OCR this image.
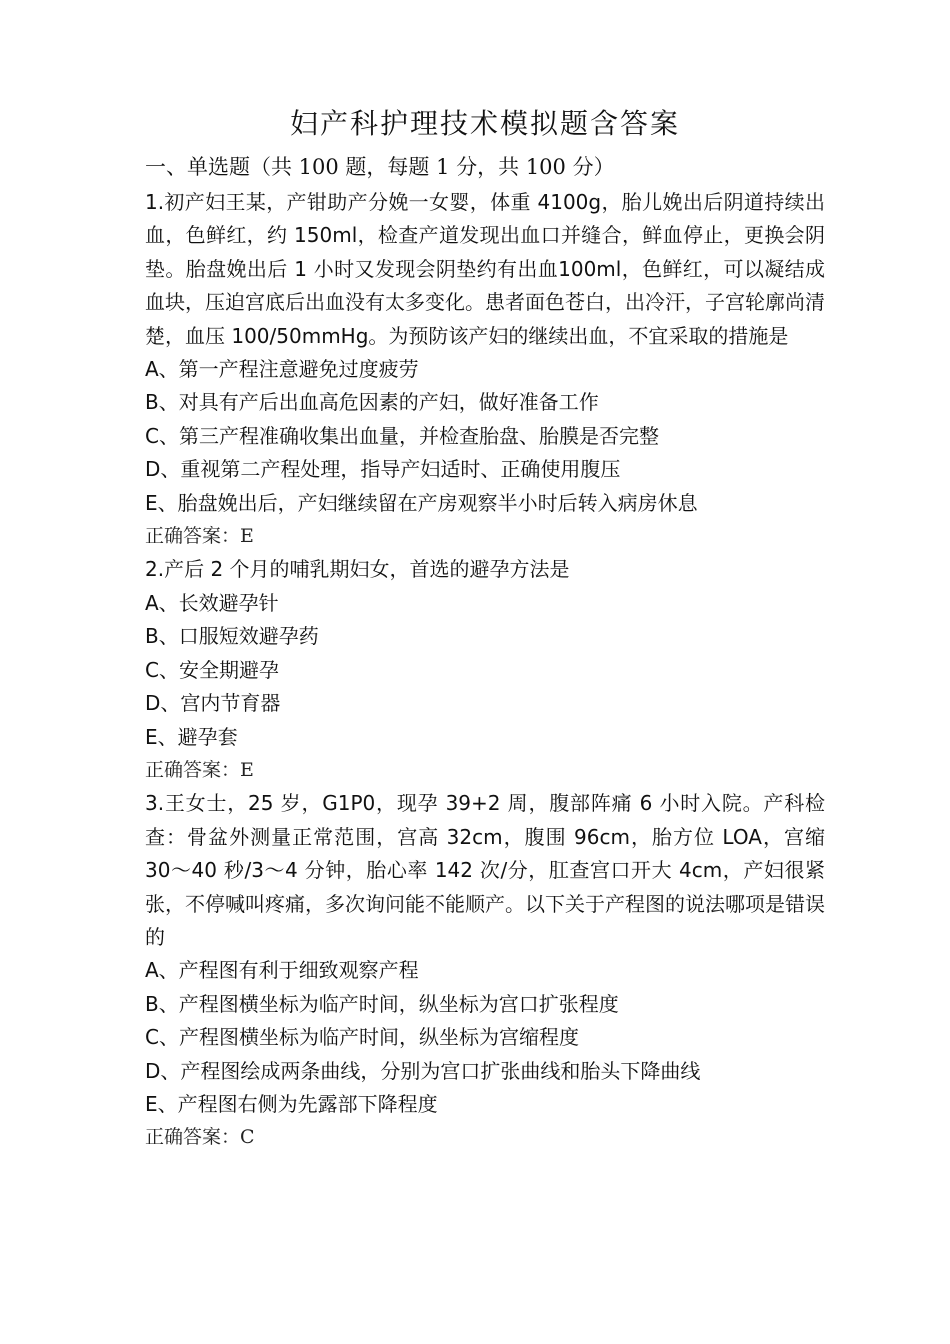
妇产科护理技术模拟题含答案
一、单选题（共 100 题，每题 1 分，共 100 分）

1.初产妇王某，产钳助产分娩一女婴，体重 4100g，胎儿娩出后阴道持续出血，色鲜红，约 150ml，检查产道发现出血口并缝合，鲜血停止，更换会阴垫。胎盘娩出后 1 小时又发现会阴垫约有出血100ml，色鲜红，可以凝结成血块，压迫宫底后出血没有太多变化。患者面色苍白，出冷汗，子宫轮廓尚清楚，血压 100/50mmHg。为预防该产妇的继续出血，不宜采取的措施是

A、第一产程注意避免过度疲劳

B、对具有产后出血高危因素的产妇，做好准备工作

C、第三产程准确收集出血量，并检查胎盘、胎膜是否完整

D、重视第二产程处理，指导产妇适时、正确使用腹压

E、胎盘娩出后，产妇继续留在产房观察半小时后转入病房休息

正确答案：E

2.产后 2 个月的哺乳期妇女，首选的避孕方法是

A、长效避孕针

B、口服短效避孕药

C、安全期避孕

D、宫内节育器

E、避孕套

正确答案：E

3.王女士，25 岁，G1P0，现孕 39+2 周，腹部阵痛 6 小时入院。产科检查：骨盆外测量正常范围，宫高 32cm，腹围 96cm，胎方位 LOA，宫缩 30～40 秒/3～4 分钟，胎心率 142 次/分，肛查宫口开大 4cm，产妇很紧张，不停喊叫疼痛，多次询问能不能顺产。以下关于产程图的说法哪项是错误的

A、产程图有利于细致观察产程

B、产程图横坐标为临产时间，纵坐标为宫口扩张程度

C、产程图横坐标为临产时间，纵坐标为宫缩程度

D、产程图绘成两条曲线，分别为宫口扩张曲线和胎头下降曲线

E、产程图右侧为先露部下降程度

正确答案：C
